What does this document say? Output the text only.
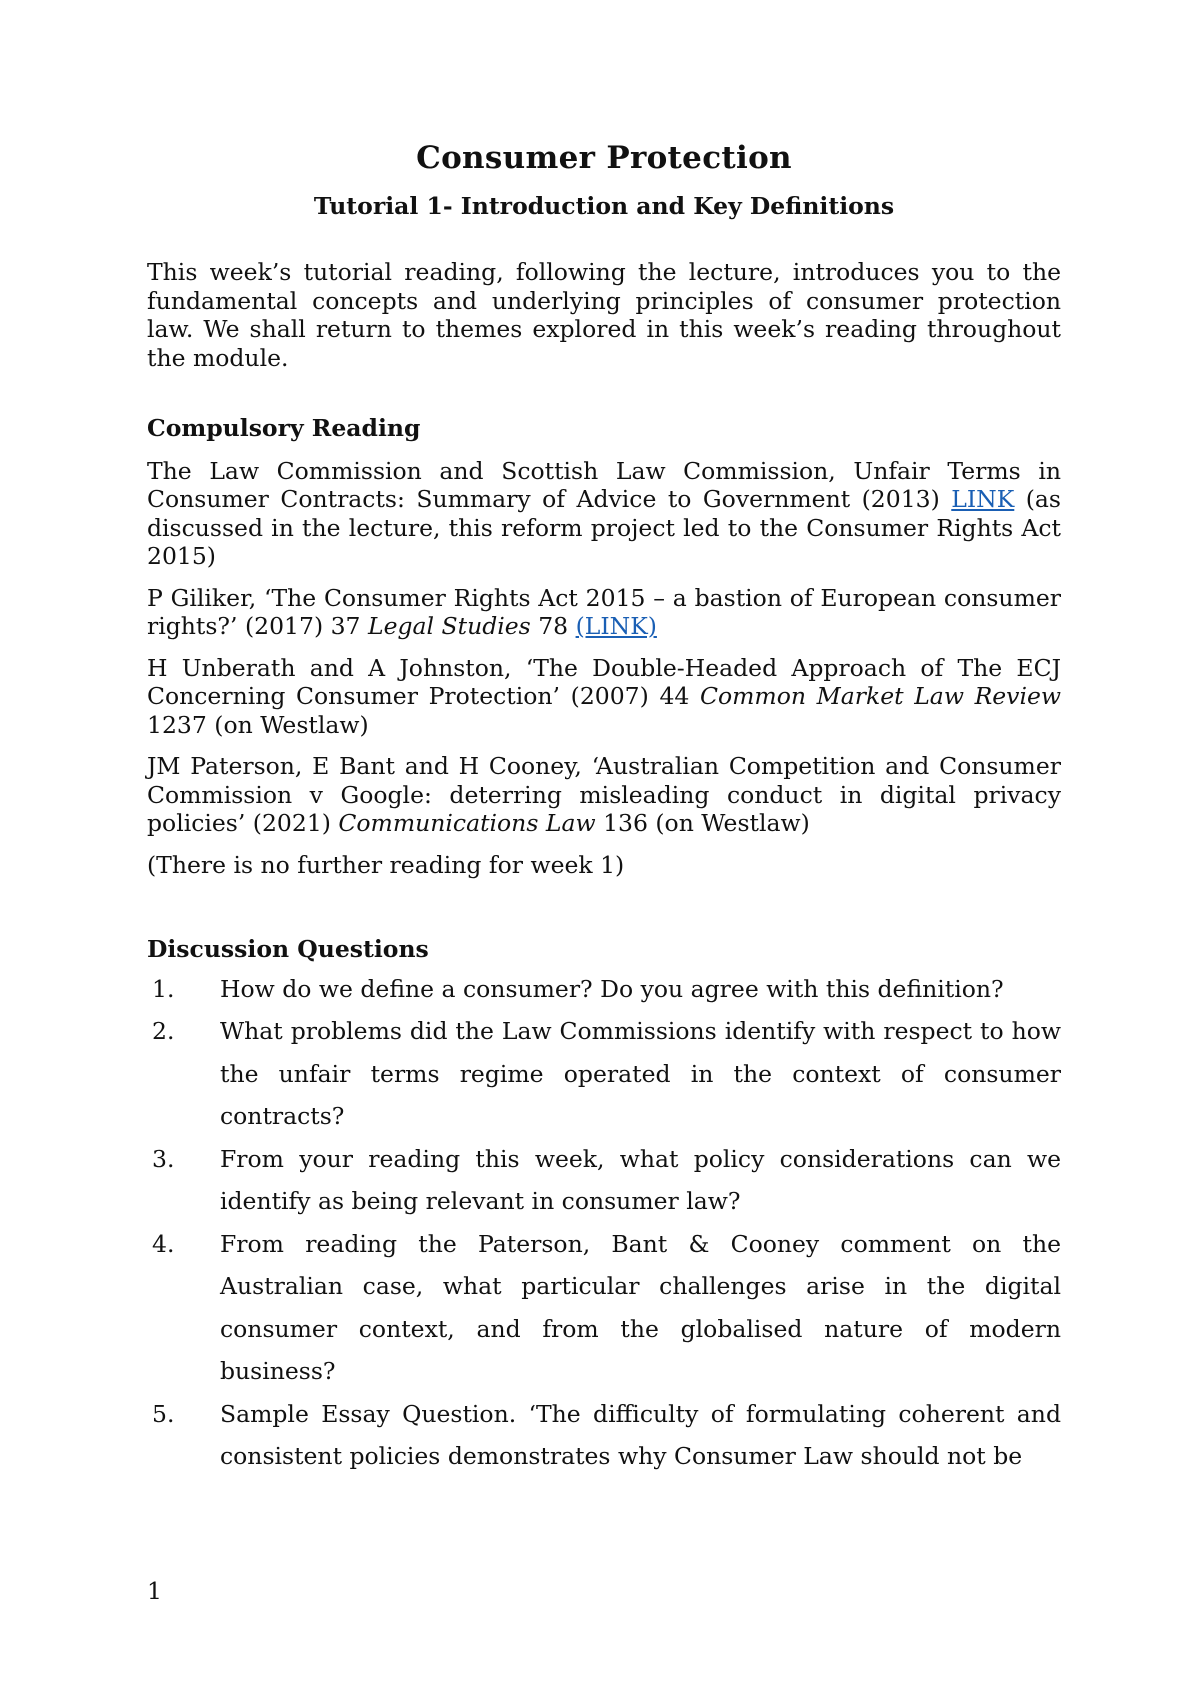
Consumer Protection

Tutorial 1- Introduction and Key Definitions

This week’s tutorial reading, following the lecture, introduces you to the fundamental concepts and underlying principles of consumer protection law. We shall return to themes explored in this week’s reading throughout the module.

Compulsory Reading

The Law Commission and Scottish Law Commission, Unfair Terms in Consumer Contracts: Summary of Advice to Government (2013) LINK (as discussed in the lecture, this reform project led to the Consumer Rights Act 2015)

P Giliker, ‘The Consumer Rights Act 2015 – a bastion of European consumer rights?’ (2017) 37 Legal Studies 78 (LINK)

H Unberath and A Johnston, ‘The Double-Headed Approach of The ECJ Concerning Consumer Protection’ (2007) 44 Common Market Law Review 1237 (on Westlaw)

JM Paterson, E Bant and H Cooney, ‘Australian Competition and Consumer Commission v Google: deterring misleading conduct in digital privacy policies’ (2021) Communications Law 136 (on Westlaw)

(There is no further reading for week 1)

Discussion Questions

1.	How do we define a consumer? Do you agree with this definition?
2.	What problems did the Law Commissions identify with respect to how the unfair terms regime operated in the context of consumer contracts?
3.	From your reading this week, what policy considerations can we identify as being relevant in consumer law?
4.	From reading the Paterson, Bant & Cooney comment on the Australian case, what particular challenges arise in the digital consumer context, and from the globalised nature of modern business?
5.	Sample Essay Question. ‘The difficulty of formulating coherent and consistent policies demonstrates why Consumer Law should not be
1
